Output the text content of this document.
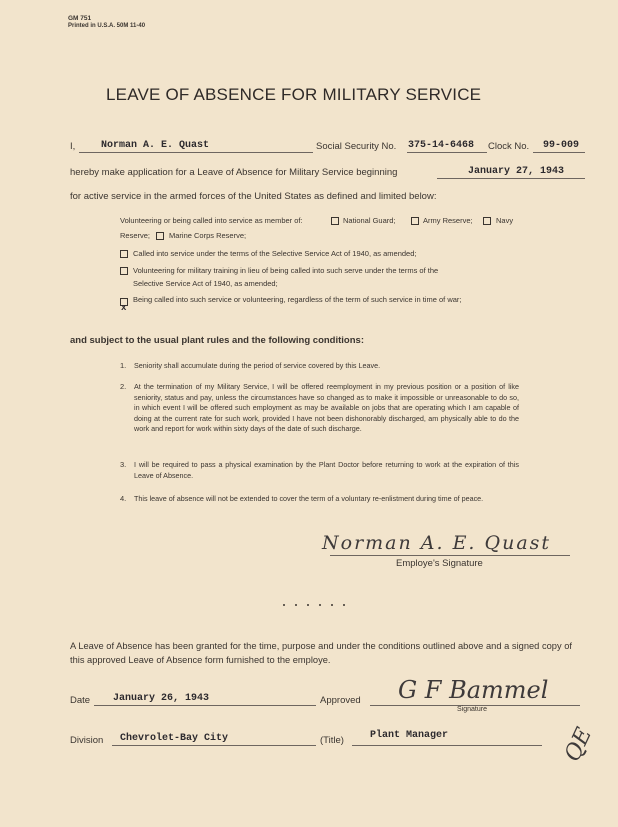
GM 751
Printed in U.S.A. 50M 11-40
LEAVE OF ABSENCE FOR MILITARY SERVICE
I,	Norman A. E. Quast	Social Security No. 375-14-6468 Clock No. 99-009
hereby make application for a Leave of Absence for Military Service beginning	January 27, 1943
for active service in the armed forces of the United States as defined and limited below:
Volunteering or being called into service as member of:	National Guard;	Army Reserve;	Navy
Reserve;	Marine Corps Reserve;
Called into service under the terms of the Selective Service Act of 1940, as amended;
Volunteering for military training in lieu of being called into such serve under the terms of the
Selective Service Act of 1940, as amended;
x
Being called into such service or volunteering, regardless of the term of such service in time of war;
and subject to the usual plant rules and the following conditions:
1. Seniority shall accumulate during the period of service covered by this Leave.
2. At the termination of my Military Service, I will be offered reemployment in my previous position or a position of like seniority, status and pay, unless the circumstances have so changed as to make it impossible or unreasonable to do so, in which event I will be offered such employment as may be available on jobs that are operating which I am capable of doing at the current rate for such work, provided I have not been dishonorably discharged, am physically able to do the work and report for work within sixty days of the date of such discharge.
3. I will be required to pass a physical examination by the Plant Doctor before returning to work at the expiration of this Leave of Absence.
4. This leave of absence will not be extended to cover the term of a voluntary re-enlistment during time of peace.
Norman A. E. Quast
Employe's Signature
A Leave of Absence has been granted for the time, purpose and under the conditions outlined above and a signed copy of this approved Leave of Absence form furnished to the employe.
Date January 26, 1943	Approved G F Bammel
Signature
Division Chevrolet-Bay City	(Title)	Plant Manager	QE
